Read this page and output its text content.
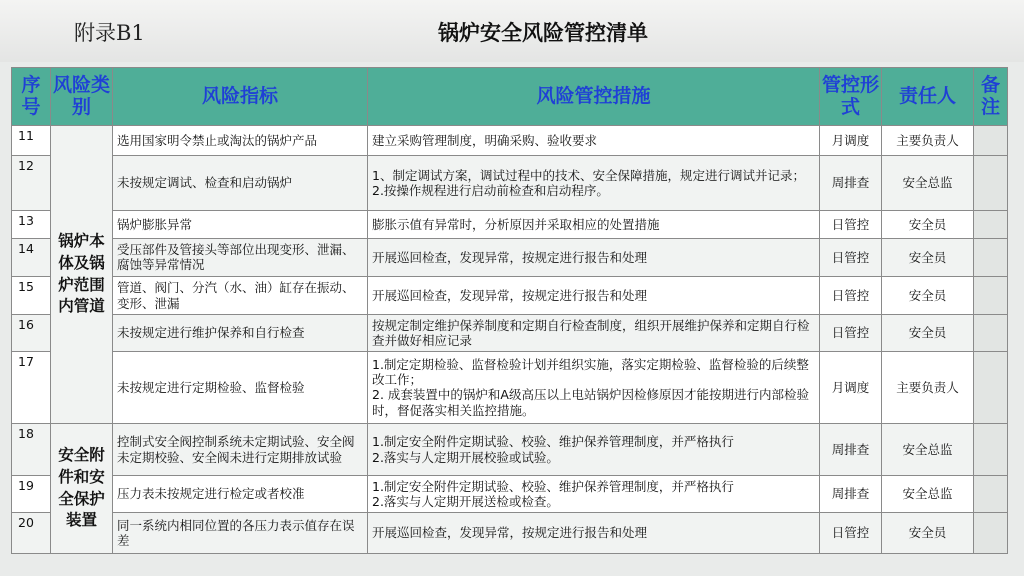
附录B1	锅炉安全风险管控清单
序号	风险类别	风险指标	风险管控措施	管控形式	责任人	备注
11	锅炉本体及锅炉范围内管道	选用国家明令禁止或淘汰的锅炉产品	建立采购管理制度，明确采购、验收要求	月调度	主要负责人	
12		未按规定调试、检查和启动锅炉	1、制定调试方案，调试过程中的技术、安全保障措施，规定进行调试并记录；
2.按操作规程进行启动前检查和启动程序。	周排查	安全总监	
13		锅炉膨胀异常	膨胀示值有异常时，分析原因并采取相应的处置措施	日管控	安全员	
14		受压部件及管接头等部位出现变形、泄漏、腐蚀等异常情况	开展巡回检查，发现异常，按规定进行报告和处理	日管控	安全员	
15		管道、阀门、分汽（水、油）缸存在振动、变形、泄漏	开展巡回检查，发现异常，按规定进行报告和处理	日管控	安全员	
16		未按规定进行维护保养和自行检查	按规定制定维护保养制度和定期自行检查制度，组织开展维护保养和定期自行检查并做好相应记录	日管控	安全员	
17		未按规定进行定期检验、监督检验	1.制定定期检验、监督检验计划并组织实施，落实定期检验、监督检验的后续整改工作；
2. 成套装置中的锅炉和A级高压以上电站锅炉因检修原因才能按期进行内部检验时，督促落实相关监控措施。	月调度	主要负责人	
18	安全附件和安全保护装置	控制式安全阀控制系统未定期试验、安全阀未定期校验、安全阀未进行定期排放试验	1.制定安全附件定期试验、校验、维护保养管理制度，并严格执行
2.落实与人定期开展校验或试验。	周排查	安全总监	
19		压力表未按规定进行检定或者校准	1.制定安全附件定期试验、校验、维护保养管理制度，并严格执行
2.落实与人定期开展送检或检查。	周排查	安全总监	
20		同一系统内相同位置的各压力表示值存在误差	开展巡回检查，发现异常，按规定进行报告和处理	日管控	安全员	
